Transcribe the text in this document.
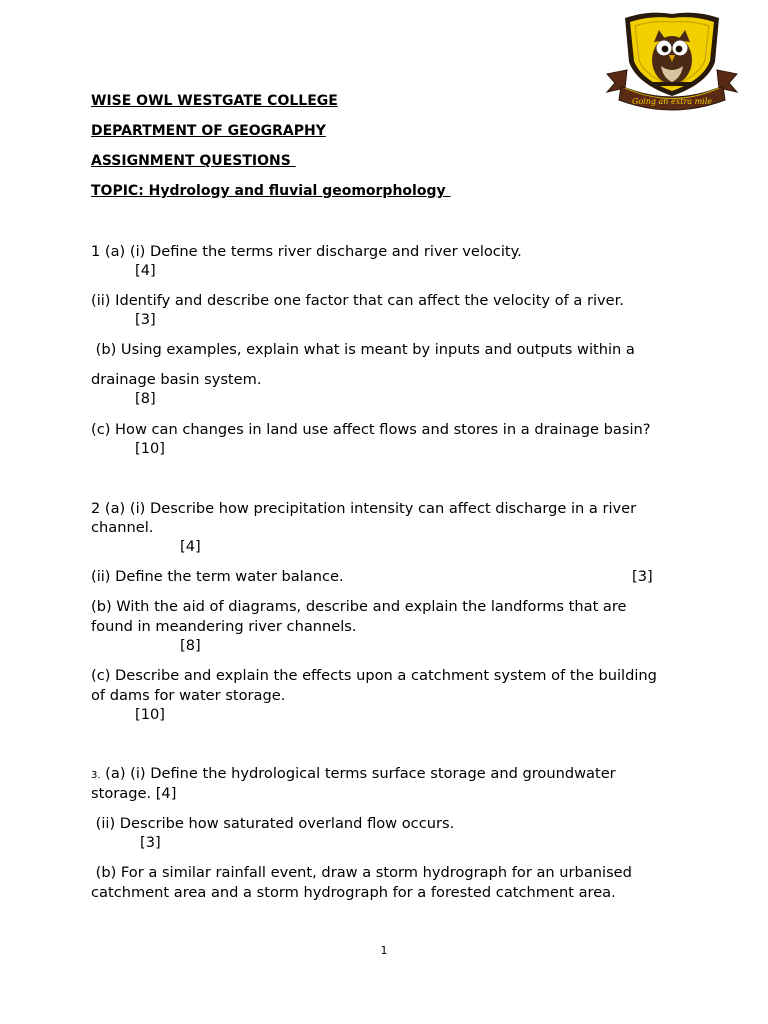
Going an extra mile
WISE OWL WESTGATE COLLEGE
DEPARTMENT OF GEOGRAPHY
ASSIGNMENT QUESTIONS
TOPIC: Hydrology and fluvial geomorphology
1 (a) (i) Define the terms river discharge and river velocity.
[4]
(ii) Identify and describe one factor that can affect the velocity of a river.
[3]
(b) Using examples, explain what is meant by inputs and outputs within a
drainage basin system.
[8]
(c) How can changes in land use affect flows and stores in a drainage basin?
[10]
2 (a) (i) Describe how precipitation intensity can affect discharge in a river
channel.
[4]
(ii) Define the term water balance.	[3]
(b) With the aid of diagrams, describe and explain the landforms that are
found in meandering river channels.
[8]
(c) Describe and explain the effects upon a catchment system of the building
of dams for water storage.
[10]
3. (a) (i) Define the hydrological terms surface storage and groundwater
storage. [4]
(ii) Describe how saturated overland flow occurs.
[3]
(b) For a similar rainfall event, draw a storm hydrograph for an urbanised
catchment area and a storm hydrograph for a forested catchment area.
1
